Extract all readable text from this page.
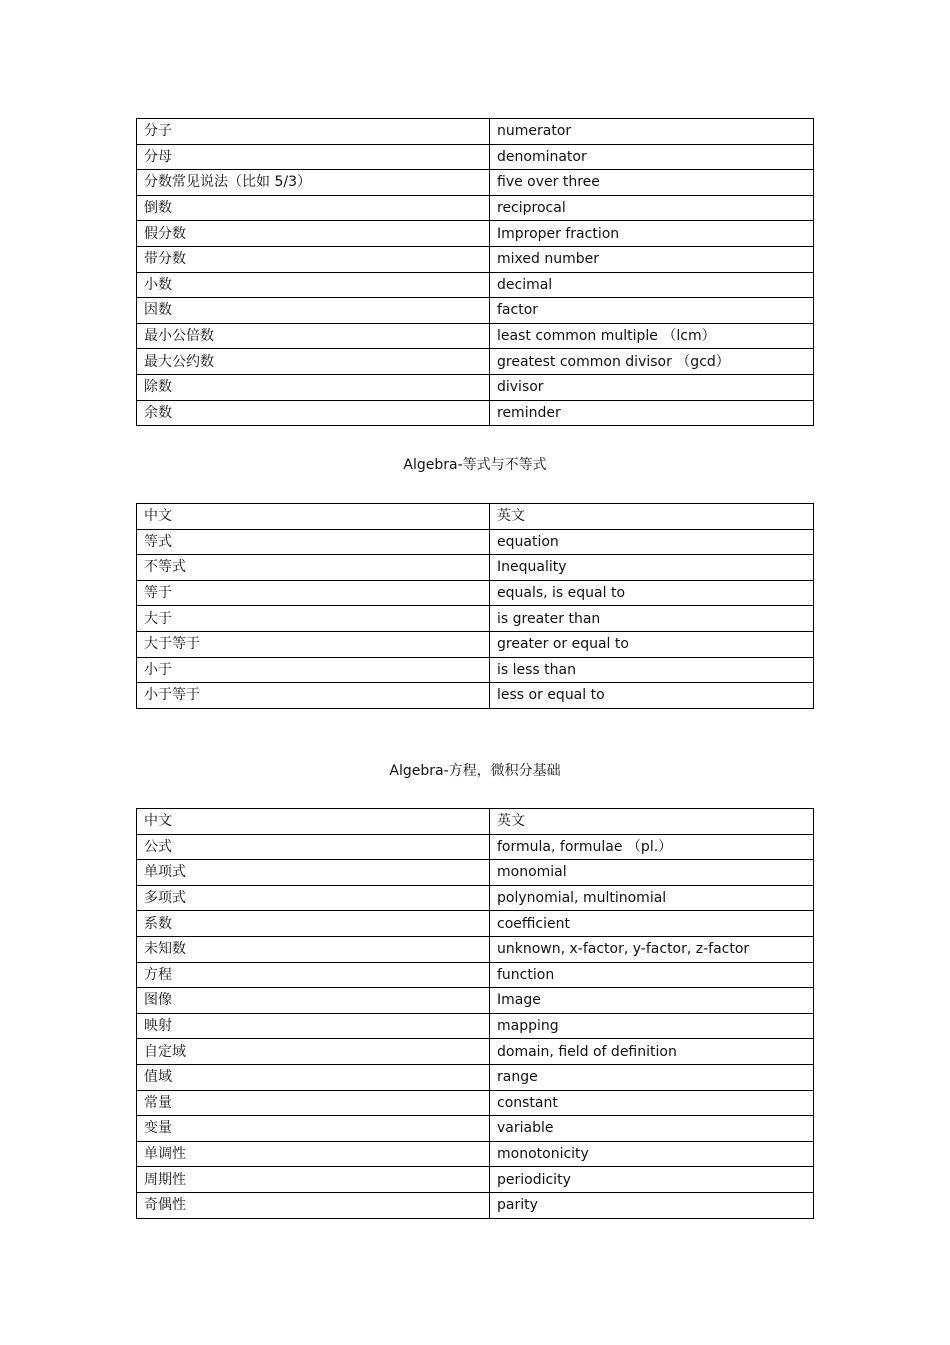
分子	numerator
分母	denominator
分数常见说法（比如 5/3）	five over three
倒数	reciprocal
假分数	Improper fraction
带分数	mixed number
小数	decimal
因数	factor
最小公倍数	least common multiple （lcm）
最大公约数	greatest common divisor （gcd）
除数	divisor
余数	reminder
Algebra-等式与不等式
中文	英文
等式	equation
不等式	Inequality
等于	equals, is equal to
大于	is greater than
大于等于	greater or equal to
小于	is less than
小于等于	less or equal to
Algebra-方程，微积分基础
中文	英文
公式	formula, formulae （pl.）
单项式	monomial
多项式	polynomial, multinomial
系数	coefficient
未知数	unknown, x-factor, y-factor, z-factor
方程	function
图像	Image
映射	mapping
自定域	domain, field of definition
值域	range
常量	constant
变量	variable
单调性	monotonicity
周期性	periodicity
奇偶性	parity
